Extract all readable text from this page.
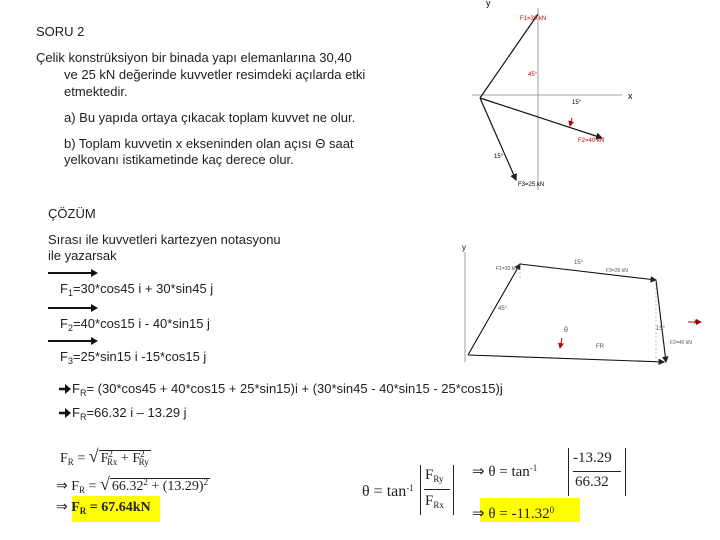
SORU 2
Çelik konstrüksiyon bir binada yapı elemanlarına 30,40
ve 25 kN değerinde kuvvetler resimdeki açılarda etki
etmektedir.
a) Bu yapıda ortaya çıkacak toplam kuvvet ne olur.
b) Toplam kuvvetin x ekseninden olan açısı Θ saat
yelkovanı istikametinde kaç derece olur.
ÇÖZÜM
Sırası ile kuvvetleri kartezyen notasyonu
ile yazarsak
$F_1=30*\cos 45$ i + 30*sin45 j
$F_2=40*\cos 15$ i - 40*sin15 j
$F_3=25*\sin 15$ i -15*cos15 j
$F_R= (30*\cos 45 + 40*\cos 15 + 25*\sin 15)i + (30*\sin 45 - 40*\sin 15 - 25*\cos 15)j$
$F_R=66.32$ i – 13.29 j
$F_R$ = √ $F^2_{Rx} + F^2_{Ry}$
⇒ $F_R$ = √ $66.32^2 + (13.29)^2$
⇒ $F_R = 67.64kN$
$\theta = \tan^{-1}$
$F_{Ry}$
$F_{Rx}$
⇒ $\theta = \tan^{-1}$
-13.29
66.32
⇒ $\theta = -11.32^0$
y
x
F1=30 kN
45°
15°
F2=40 kN
15°
F3=25 kN
y
x
F1=30 kN
15°
F3=25 kN
45°
θ	15°
F2=40 kN
FR
